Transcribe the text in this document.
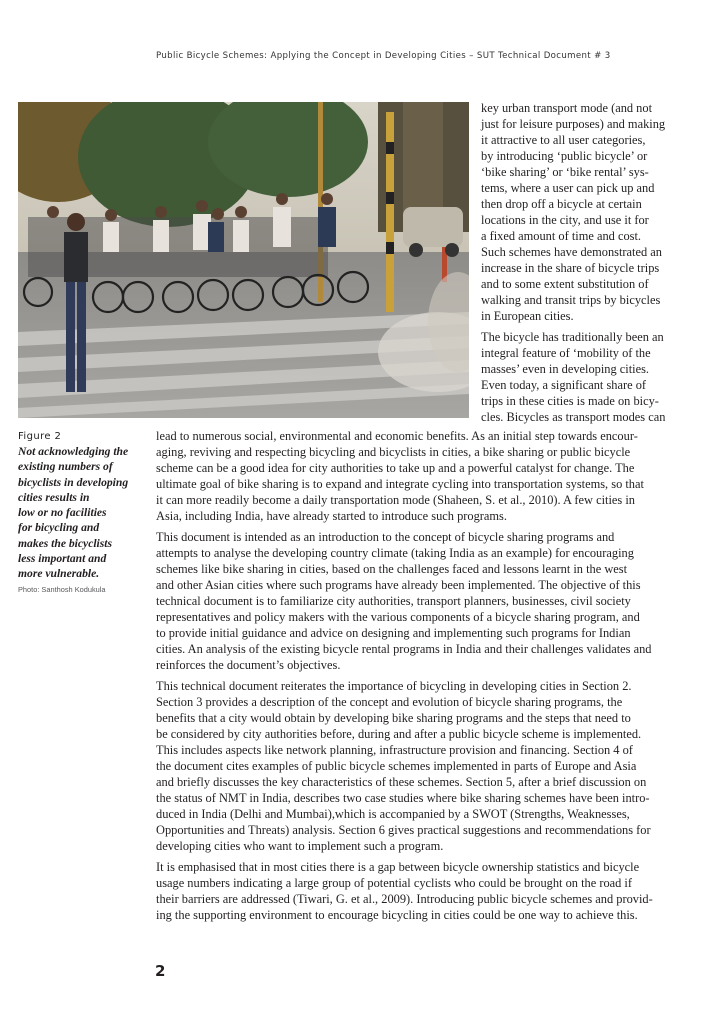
Public Bicycle Schemes: Applying the Concept in Developing Cities – SUT Technical Document # 3
Figure 2
Not acknowledging the
existing numbers of
bicyclists in developing
cities results in
low or no facilities
for bicycling and
makes the bicyclists
less important and
more vulnerable.
Photo: Santhosh Kodukula
key urban transport mode (and not
just for leisure purposes) and making
it attractive to all user categories,
by introducing ‘public bicycle’ or
‘bike sharing’ or ‘bike rental’ sys-
tems, where a user can pick up and
then drop off a bicycle at certain
locations in the city, and use it for
a fixed amount of time and cost.
Such schemes have demonstrated an
increase in the share of bicycle trips
and to some extent substitution of
walking and transit trips by bicycles
in European cities.
The bicycle has traditionally been an
integral feature of ‘mobility of the
masses’ even in developing cities.
Even today, a significant share of
trips in these cities is made on bicy-
cles. Bicycles as transport modes can
lead to numerous social, environmental and economic benefits. As an initial step towards encour-
aging, reviving and respecting bicycling and bicyclists in cities, a bike sharing or public bicycle
scheme can be a good idea for city authorities to take up and a powerful catalyst for change. The
ultimate goal of bike sharing is to expand and integrate cycling into transportation systems, so that
it can more readily become a daily transportation mode (Shaheen, S. et al., 2010). A few cities in
Asia, including India, have already started to introduce such programs.
This document is intended as an introduction to the concept of bicycle sharing programs and
attempts to analyse the developing country climate (taking India as an example) for encouraging
schemes like bike sharing in cities, based on the challenges faced and lessons learnt in the west
and other Asian cities where such programs have already been implemented. The objective of this
technical document is to familiarize city authorities, transport planners, businesses, civil society
representatives and policy makers with the various components of a bicycle sharing program, and
to provide initial guidance and advice on designing and implementing such programs for Indian
cities. An analysis of the existing bicycle rental programs in India and their challenges validates and
reinforces the document’s objectives.
This technical document reiterates the importance of bicycling in developing cities in Section 2.
Section 3 provides a description of the concept and evolution of bicycle sharing programs, the
benefits that a city would obtain by developing bike sharing programs and the steps that need to
be considered by city authorities before, during and after a public bicycle scheme is implemented.
This includes aspects like network planning, infrastructure provision and financing. Section 4 of
the document cites examples of public bicycle schemes implemented in parts of Europe and Asia
and briefly discusses the key characteristics of these schemes. Section 5, after a brief discussion on
the status of NMT in India, describes two case studies where bike sharing schemes have been intro-
duced in India (Delhi and Mumbai),which is accompanied by a SWOT (Strengths, Weaknesses,
Opportunities and Threats) analysis. Section 6 gives practical suggestions and recommendations for
developing cities who want to implement such a program.
It is emphasised that in most cities there is a gap between bicycle ownership statistics and bicycle
usage numbers indicating a large group of potential cyclists who could be brought on the road if
their barriers are addressed (Tiwari, G. et al., 2009). Introducing public bicycle schemes and provid-
ing the supporting environment to encourage bicycling in cities could be one way to achieve this.
2
